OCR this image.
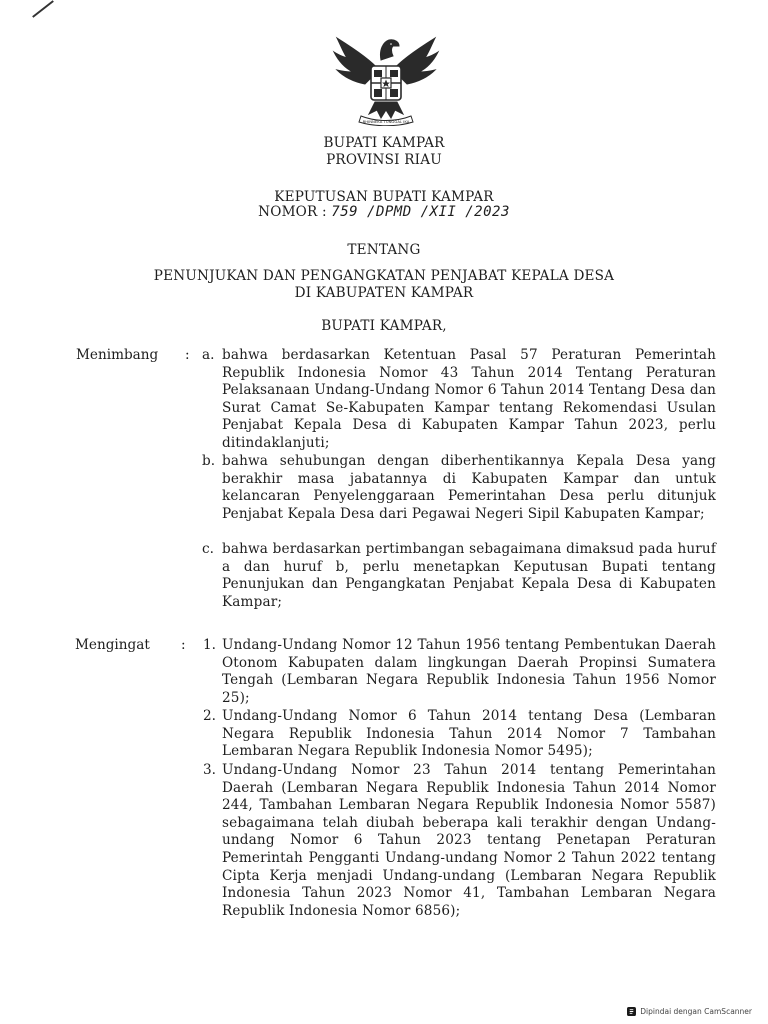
BHINNEKA TUNGGAL IKA
BUPATI KAMPAR
PROVINSI RIAU
KEPUTUSAN BUPATI KAMPAR
NOMOR : 759 /DPMD /XII /2023
TENTANG
PENUNJUKAN DAN PENGANGKATAN PENJABAT KEPALA DESA
DI KABUPATEN KAMPAR
BUPATI KAMPAR,
Menimbang : a. bahwa berdasarkan Ketentuan Pasal 57 Peraturan Pemerintah Republik Indonesia Nomor 43 Tahun 2014 Tentang Peraturan Pelaksanaan Undang-Undang Nomor 6 Tahun 2014 Tentang Desa dan Surat Camat Se-Kabupaten Kampar tentang Rekomendasi Usulan Penjabat Kepala Desa di Kabupaten Kampar Tahun 2023, perlu ditindaklanjuti;
b. bahwa sehubungan dengan diberhentikannya Kepala Desa yang berakhir masa jabatannya di Kabupaten Kampar dan untuk kelancaran Penyelenggaraan Pemerintahan Desa perlu ditunjuk Penjabat Kepala Desa dari Pegawai Negeri Sipil Kabupaten Kampar;
c. bahwa berdasarkan pertimbangan sebagaimana dimaksud pada huruf a dan huruf b, perlu menetapkan Keputusan Bupati tentang Penunjukan dan Pengangkatan Penjabat Kepala Desa di Kabupaten Kampar;
Mengingat : 1. Undang-Undang Nomor 12 Tahun 1956 tentang Pembentukan Daerah Otonom Kabupaten dalam lingkungan Daerah Propinsi Sumatera Tengah (Lembaran Negara Republik Indonesia Tahun 1956 Nomor 25);
2. Undang-Undang Nomor 6 Tahun 2014 tentang Desa (Lembaran Negara Republik Indonesia Tahun 2014 Nomor 7 Tambahan Lembaran Negara Republik Indonesia Nomor 5495);
3. Undang-Undang Nomor 23 Tahun 2014 tentang Pemerintahan Daerah (Lembaran Negara Republik Indonesia Tahun 2014 Nomor 244, Tambahan Lembaran Negara Republik Indonesia Nomor 5587) sebagaimana telah diubah beberapa kali terakhir dengan Undang-undang Nomor 6 Tahun 2023 tentang Penetapan Peraturan Pemerintah Pengganti Undang-undang Nomor 2 Tahun 2022 tentang Cipta Kerja menjadi Undang-undang (Lembaran Negara Republik Indonesia Tahun 2023 Nomor 41, Tambahan Lembaran Negara Republik Indonesia Nomor 6856);
Dipindai dengan CamScanner
